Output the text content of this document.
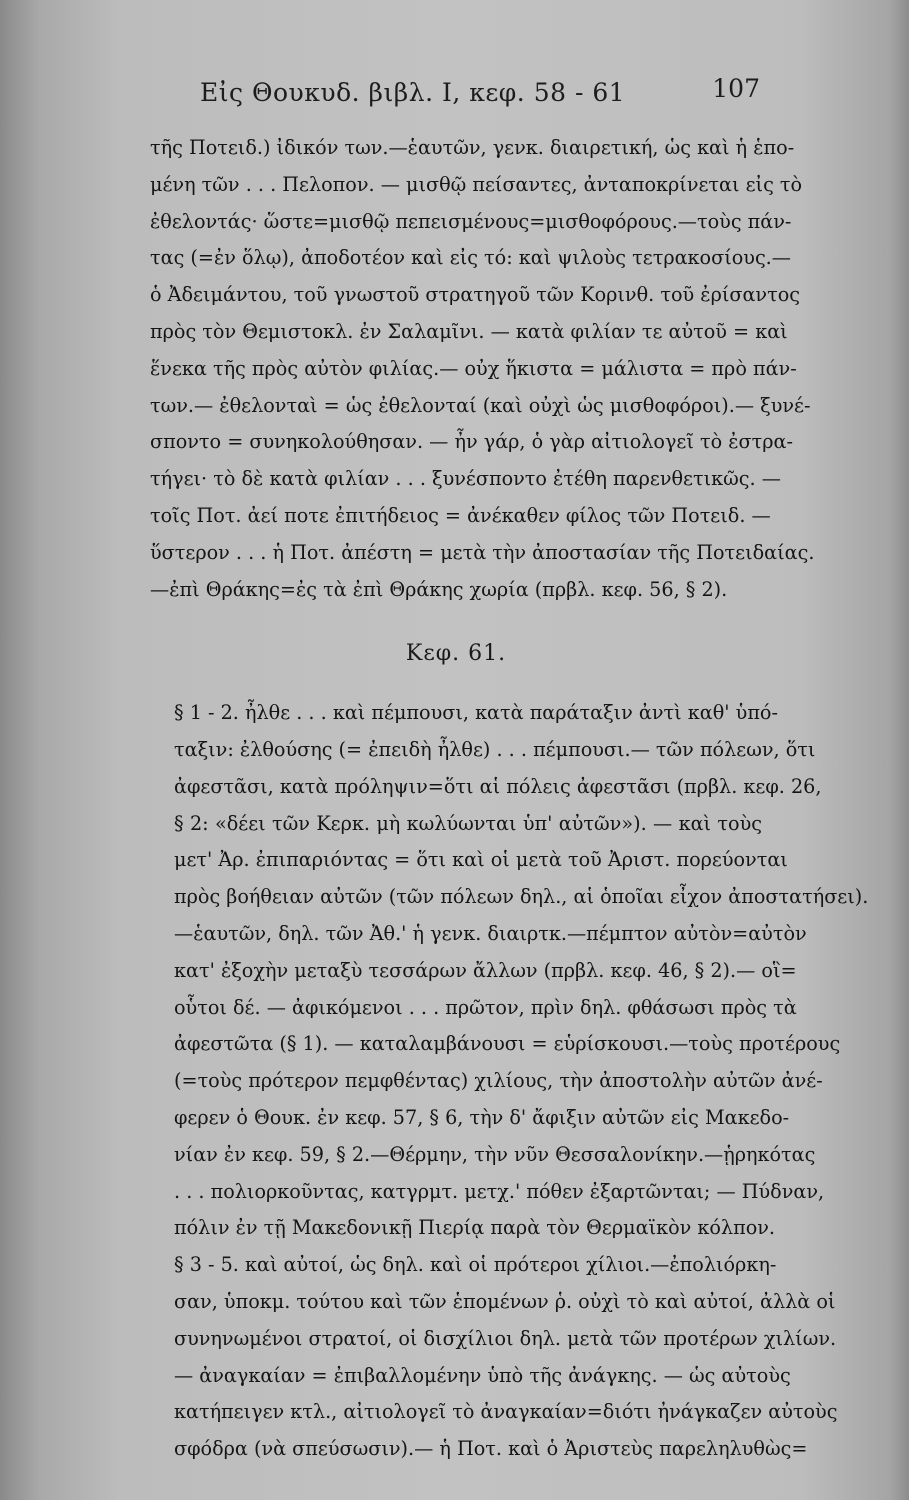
Εἰς Θουκυδ. βιβλ. Ι, κεφ. 58 - 61	107
τῆς Ποτειδ.) ἰδικόν των.—ἑαυτῶν, γενκ. διαιρετική, ὡς καὶ ἡ ἑπο-
μένη τῶν . . . Πελοπον. — μισθῷ πείσαντες, ἀνταποκρίνεται εἰς τὸ
ἐθελοντάς· ὥστε=μισθῷ πεπεισμένους=μισθοφόρους.—τοὺς πάν-
τας (=ἐν ὅλῳ), ἀποδοτέον καὶ εἰς τό: καὶ ψιλοὺς τετρακοσίους.—
ὁ Ἀδειμάντου, τοῦ γνωστοῦ στρατηγοῦ τῶν Κορινθ. τοῦ ἐρίσαντος
πρὸς τὸν Θεμιστοκλ. ἐν Σαλαμῖνι. — κατὰ φιλίαν τε αὐτοῦ = καὶ
ἕνεκα τῆς πρὸς αὐτὸν φιλίας.— οὐχ ἥκιστα = μάλιστα = πρὸ πάν-
των.— ἐθελονταὶ = ὡς ἐθελονταί (καὶ οὐχὶ ὡς μισθοφόροι).— ξυνέ-
σποντο = συνηκολούθησαν. — ἦν γάρ, ὁ γὰρ αἰτιολογεῖ τὸ ἐστρα-
τήγει· τὸ δὲ κατὰ φιλίαν . . . ξυνέσποντο ἐτέθη παρενθετικῶς. —
τοῖς Ποτ. ἀεί ποτε ἐπιτήδειος = ἀνέκαθεν φίλος τῶν Ποτειδ. —
ὕστερον . . . ἡ Ποτ. ἀπέστη = μετὰ τὴν ἀποστασίαν τῆς Ποτειδαίας.
—ἐπὶ Θράκης=ἐς τὰ ἐπὶ Θράκης χωρία (πρβλ. κεφ. 56, § 2).

Κεφ. 61.

§ 1 - 2. ἦλθε . . . καὶ πέμπουσι, κατὰ παράταξιν ἀντὶ καθ' ὑπό-
ταξιν: ἐλθούσης (= ἐπειδὴ ἦλθε) . . . πέμπουσι.— τῶν πόλεων, ὅτι
ἀφεστᾶσι, κατὰ πρόληψιν=ὅτι αἱ πόλεις ἀφεστᾶσι (πρβλ. κεφ. 26,
§ 2: «δέει τῶν Κερκ. μὴ κωλύωνται ὑπ' αὐτῶν»). — καὶ τοὺς
μετ' Ἀρ. ἐπιπαριόντας = ὅτι καὶ οἱ μετὰ τοῦ Ἀριστ. πορεύονται
πρὸς βοήθειαν αὐτῶν (τῶν πόλεων δηλ., αἱ ὁποῖαι εἶχον ἀποστατήσει).
—ἑαυτῶν, δηλ. τῶν Ἀθ.' ἡ γενκ. διαιρτκ.—πέμπτον αὐτὸν=αὐτὸν
κατ' ἐξοχὴν μεταξὺ τεσσάρων ἄλλων (πρβλ. κεφ. 46, § 2).— οἳ=
οὗτοι δέ. — ἀφικόμενοι . . . πρῶτον, πρὶν δηλ. φθάσωσι πρὸς τὰ
ἀφεστῶτα (§ 1). — καταλαμβάνουσι = εὑρίσκουσι.—τοὺς προτέρους
(=τοὺς πρότερον πεμφθέντας) χιλίους, τὴν ἀποστολὴν αὐτῶν ἀνέ-
φερεν ὁ Θουκ. ἐν κεφ. 57, § 6, τὴν δ' ἄφιξιν αὐτῶν εἰς Μακεδο-
νίαν ἐν κεφ. 59, § 2.—Θέρμην, τὴν νῦν Θεσσαλονίκην.—ᾑρηκότας
. . . πολιορκοῦντας, κατγρμτ. μετχ.' πόθεν ἐξαρτῶνται; — Πύδναν,
πόλιν ἐν τῇ Μακεδονικῇ Πιερίᾳ παρὰ τὸν Θερμαϊκὸν κόλπον.
§ 3 - 5. καὶ αὐτοί, ὡς δηλ. καὶ οἱ πρότεροι χίλιοι.—ἐπολιόρκη-
σαν, ὑποκμ. τούτου καὶ τῶν ἑπομένων ῥ. οὐχὶ τὸ καὶ αὐτοί, ἀλλὰ οἱ
συνηνωμένοι στρατοί, οἱ δισχίλιοι δηλ. μετὰ τῶν προτέρων χιλίων.
— ἀναγκαίαν = ἐπιβαλλομένην ὑπὸ τῆς ἀνάγκης. — ὡς αὐτοὺς
κατήπειγεν κτλ., αἰτιολογεῖ τὸ ἀναγκαίαν=διότι ἠνάγκαζεν αὐτοὺς
σφόδρα (νὰ σπεύσωσιν).— ἡ Ποτ. καὶ ὁ Ἀριστεὺς παρεληλυθὼς=
